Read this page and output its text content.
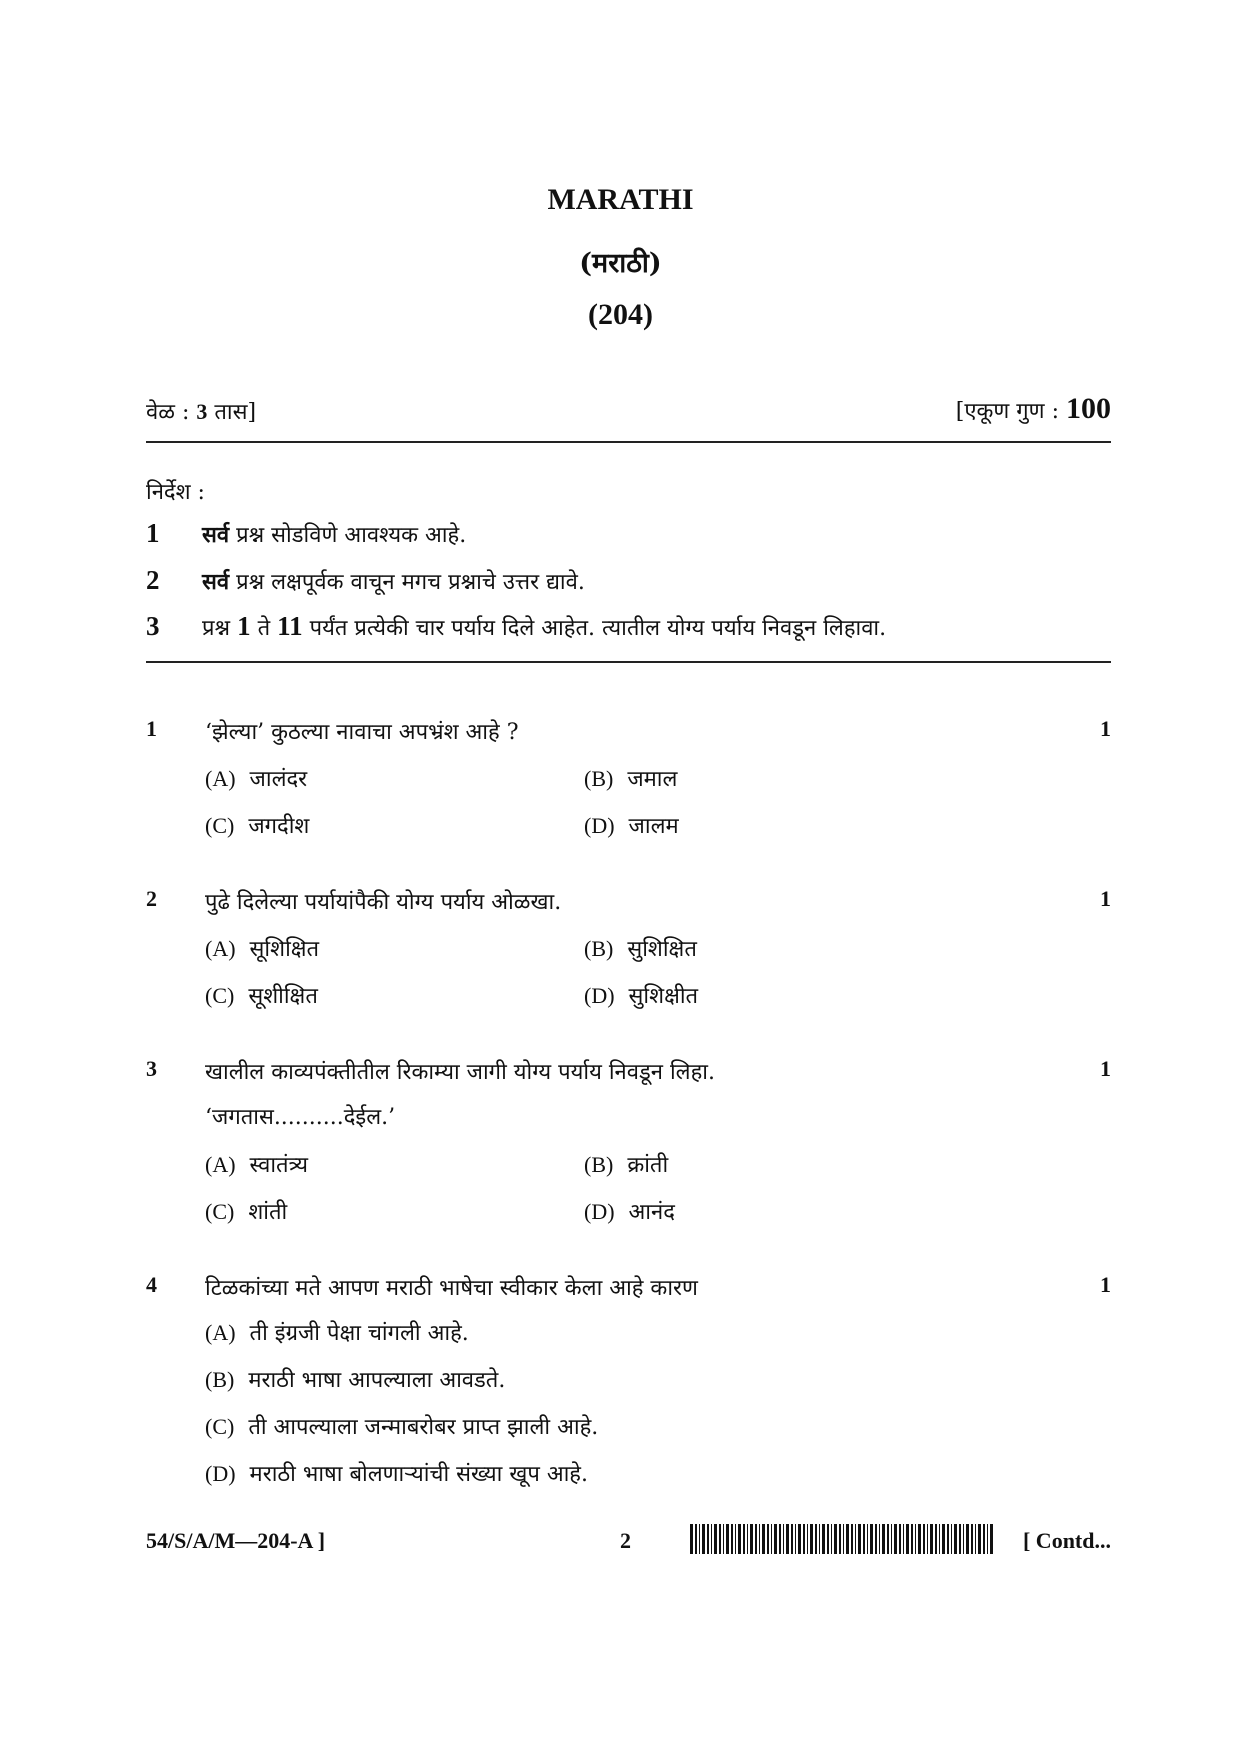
MARATHI
(मराठी)
(204)
वेळ : 3 तास]	[एकूण गुण : 100
निर्देश :
1 सर्व प्रश्न सोडविणे आवश्यक आहे.
2 सर्व प्रश्न लक्षपूर्वक वाचून मगच प्रश्नाचे उत्तर द्यावे.
3 प्रश्न 1 ते 11 पर्यंत प्रत्येकी चार पर्याय दिले आहेत. त्यातील योग्य पर्याय निवडून लिहावा.
1 ‘झेल्या’ कुठल्या नावाचा अपभ्रंश आहे ?	1
(A) जालंदर	(B) जमाल
(C) जगदीश	(D) जालम
2 पुढे दिलेल्या पर्यायांपैकी योग्य पर्याय ओळखा.	1
(A) सूशिक्षित	(B) सुशिक्षित
(C) सूशीक्षित	(D) सुशिक्षीत
3 खालील काव्यपंक्तीतील रिकाम्या जागी योग्य पर्याय निवडून लिहा.	1
‘जगतास..........देईल.’
(A) स्वातंत्र्य	(B) क्रांती
(C) शांती	(D) आनंद
4 टिळकांच्या मते आपण मराठी भाषेचा स्वीकार केला आहे कारण	1
(A) ती इंग्रजी पेक्षा चांगली आहे.
(B) मराठी भाषा आपल्याला आवडते.
(C) ती आपल्याला जन्माबरोबर प्राप्त झाली आहे.
(D) मराठी भाषा बोलणाऱ्यांची संख्या खूप आहे.
54/S/A/M—204-A ]	2	[ Contd...
